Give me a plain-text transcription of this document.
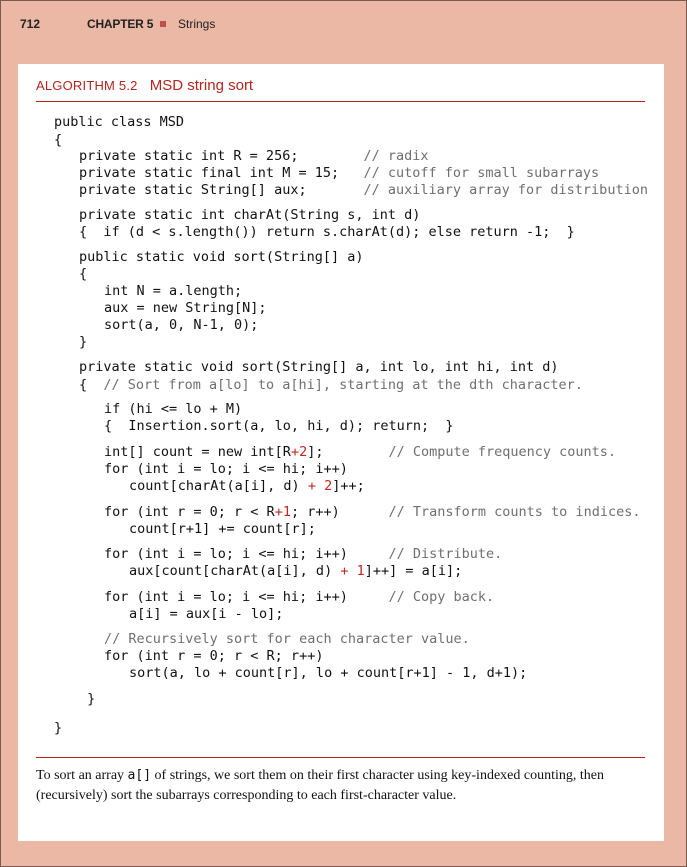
712	CHAPTER 5 Strings
ALGORITHM 5.2 MSD string sort
public class MSD
{
private static int R = 256;        // radix
private static final int M = 15;   // cutoff for small subarrays
private static String[] aux;       // auxiliary array for distribution
private static int charAt(String s, int d)
{  if (d < s.length()) return s.charAt(d); else return -1;  }
public static void sort(String[] a)
{
int N = a.length;
aux = new String[N];
sort(a, 0, N-1, 0);
}
private static void sort(String[] a, int lo, int hi, int d)
{  // Sort from a[lo] to a[hi], starting at the dth character.
if (hi <= lo + M)
{  Insertion.sort(a, lo, hi, d); return;  }
int[] count = new int[R+2];        // Compute frequency counts.
for (int i = lo; i <= hi; i++)
count[charAt(a[i], d) + 2]++;
for (int r = 0; r < R+1; r++)      // Transform counts to indices.
count[r+1] += count[r];
for (int i = lo; i <= hi; i++)     // Distribute.
aux[count[charAt(a[i], d) + 1]++] = a[i];
for (int i = lo; i <= hi; i++)     // Copy back.
a[i] = aux[i - lo];
// Recursively sort for each character value.
for (int r = 0; r < R; r++)
sort(a, lo + count[r], lo + count[r+1] - 1, d+1);
}
}
To sort an array a[] of strings, we sort them on their first character using key-indexed counting, then (recursively) sort the subarrays corresponding to each first-character value.
